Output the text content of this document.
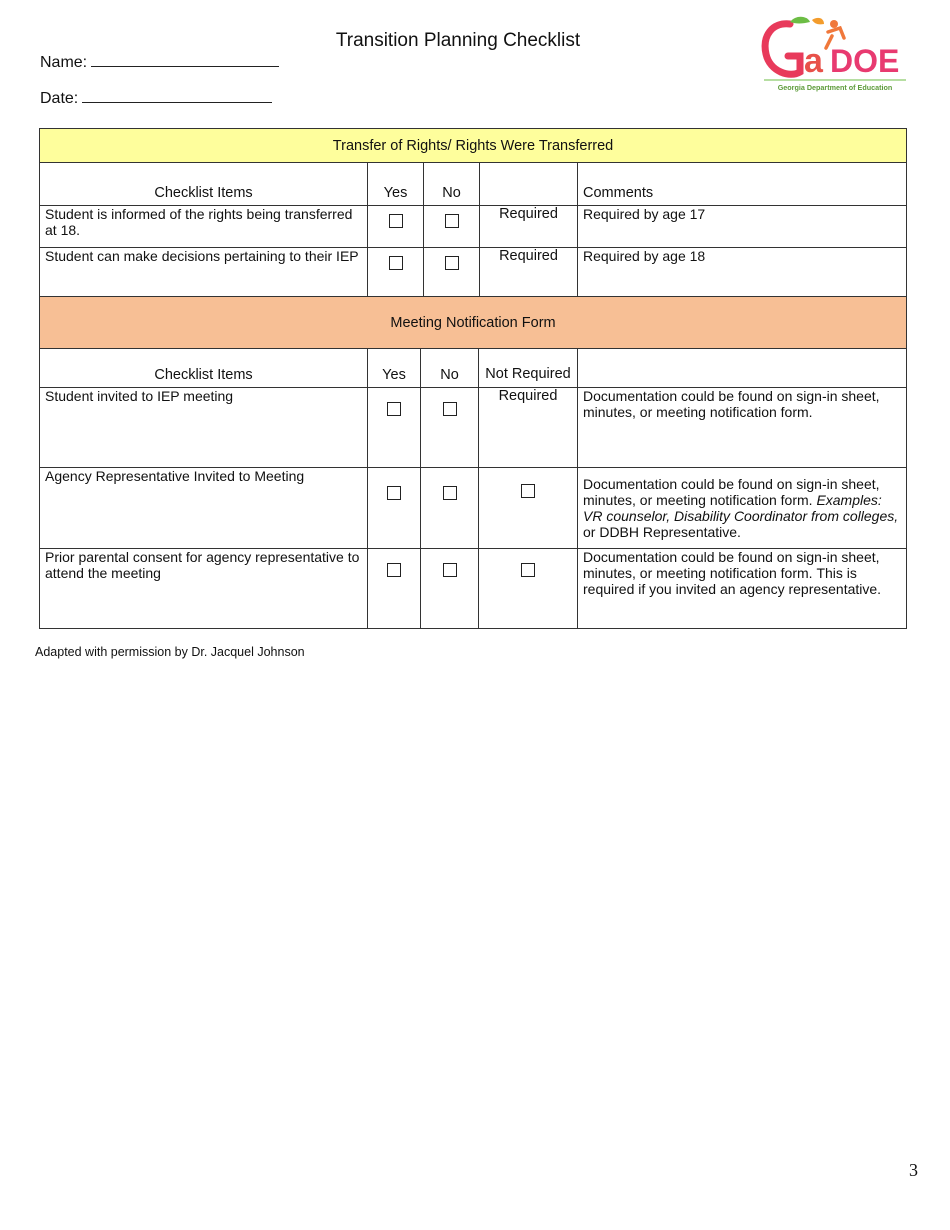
Transition Planning Checklist
Name:
Date:
a DOE
Georgia Department of Education
Transfer of Rights/ Rights Were Transferred				
Checklist Items	Yes	No		Comments
Student is informed of the rights being transferred at 18.			Required	Required by age 17
Student can make decisions pertaining to their IEP			Required	Required by age 18
Meeting Notification Form				
Checklist Items	Yes	No	Not Required	
Student invited to IEP meeting			Required	Documentation could be found on sign-in sheet, minutes, or meeting notification form.
Agency Representative Invited to Meeting				Documentation could be found on sign-in sheet, minutes, or meeting notification form. Examples: VR counselor, Disability Coordinator from colleges, or DDBH Representative.
Prior parental consent for agency representative to attend the meeting				Documentation could be found on sign-in sheet, minutes, or meeting notification form. This is required if you invited an agency representative.
Adapted with permission by Dr. Jacquel Johnson
3
